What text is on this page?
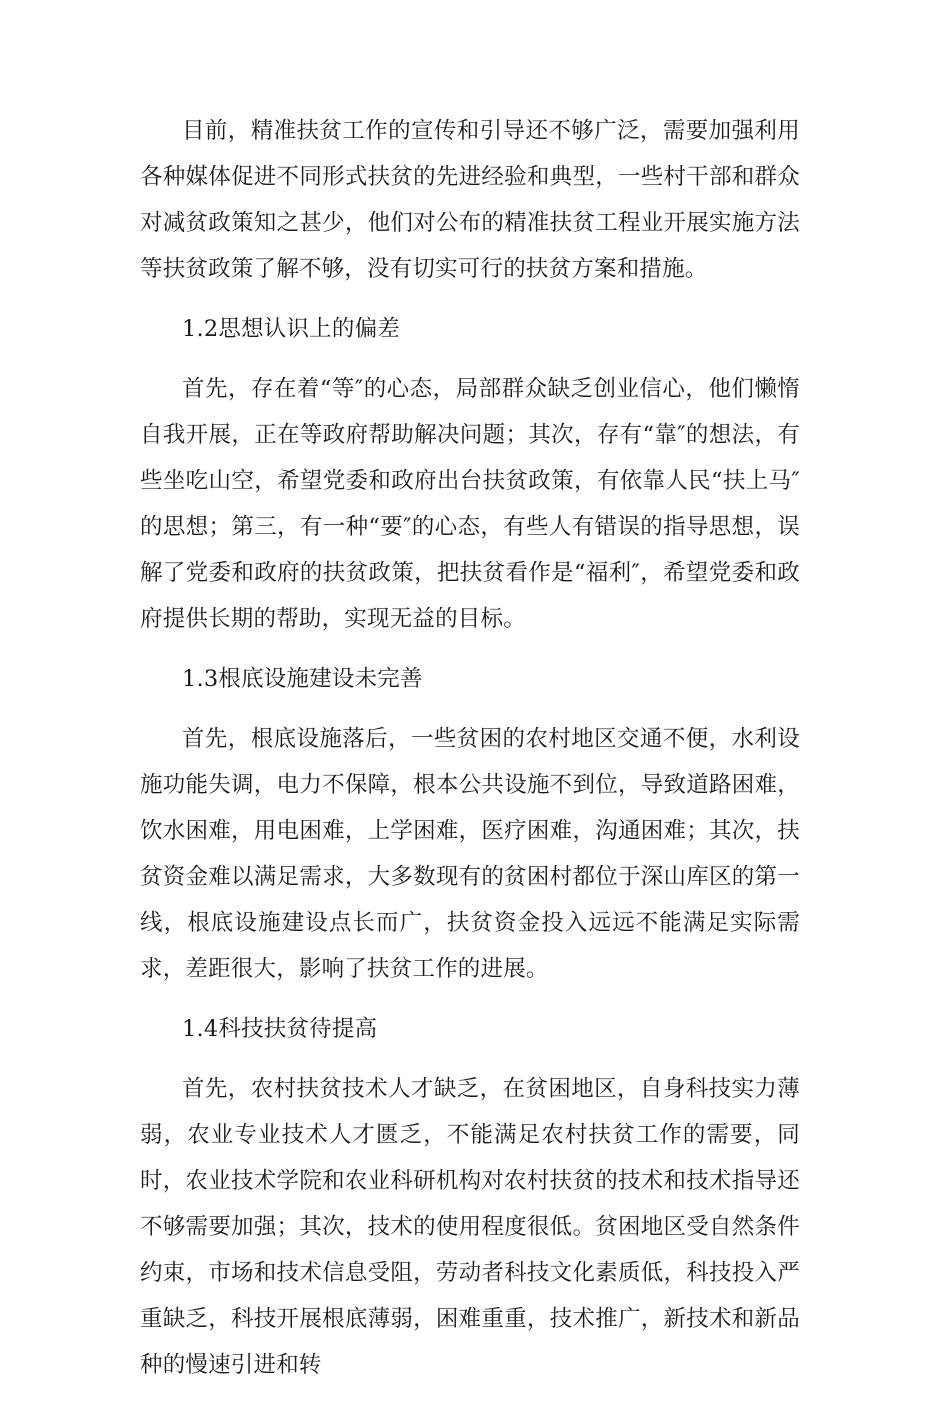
目前，精准扶贫工作的宣传和引导还不够广泛，需要加强利用各种媒体促进不同形式扶贫的先进经验和典型，一些村干部和群众对减贫政策知之甚少，他们对公布的精准扶贫工程业开展实施方法等扶贫政策了解不够，没有切实可行的扶贫方案和措施。

1.2思想认识上的偏差

首先，存在着“等″的心态，局部群众缺乏创业信心，他们懒惰自我开展，正在等政府帮助解决问题；其次，存有“靠″的想法，有些坐吃山空，希望党委和政府出台扶贫政策，有依靠人民“扶上马″的思想；第三，有一种“要″的心态，有些人有错误的指导思想，误解了党委和政府的扶贫政策，把扶贫看作是“福利″，希望党委和政府提供长期的帮助，实现无益的目标。

1.3根底设施建设未完善

首先，根底设施落后，一些贫困的农村地区交通不便，水利设施功能失调，电力不保障，根本公共设施不到位，导致道路困难，饮水困难，用电困难，上学困难，医疗困难，沟通困难；其次，扶贫资金难以满足需求，大多数现有的贫困村都位于深山库区的第一线，根底设施建设点长而广，扶贫资金投入远远不能满足实际需求，差距很大，影响了扶贫工作的进展。

1.4科技扶贫待提高

首先，农村扶贫技术人才缺乏，在贫困地区，自身科技实力薄弱，农业专业技术人才匮乏，不能满足农村扶贫工作的需要，同时，农业技术学院和农业科研机构对农村扶贫的技术和技术指导还不够需要加强；其次，技术的使用程度很低。贫困地区受自然条件约束，市场和技术信息受阻，劳动者科技文化素质低，科技投入严重缺乏，科技开展根底薄弱，困难重重，技术推广，新技术和新品种的慢速引进和转
